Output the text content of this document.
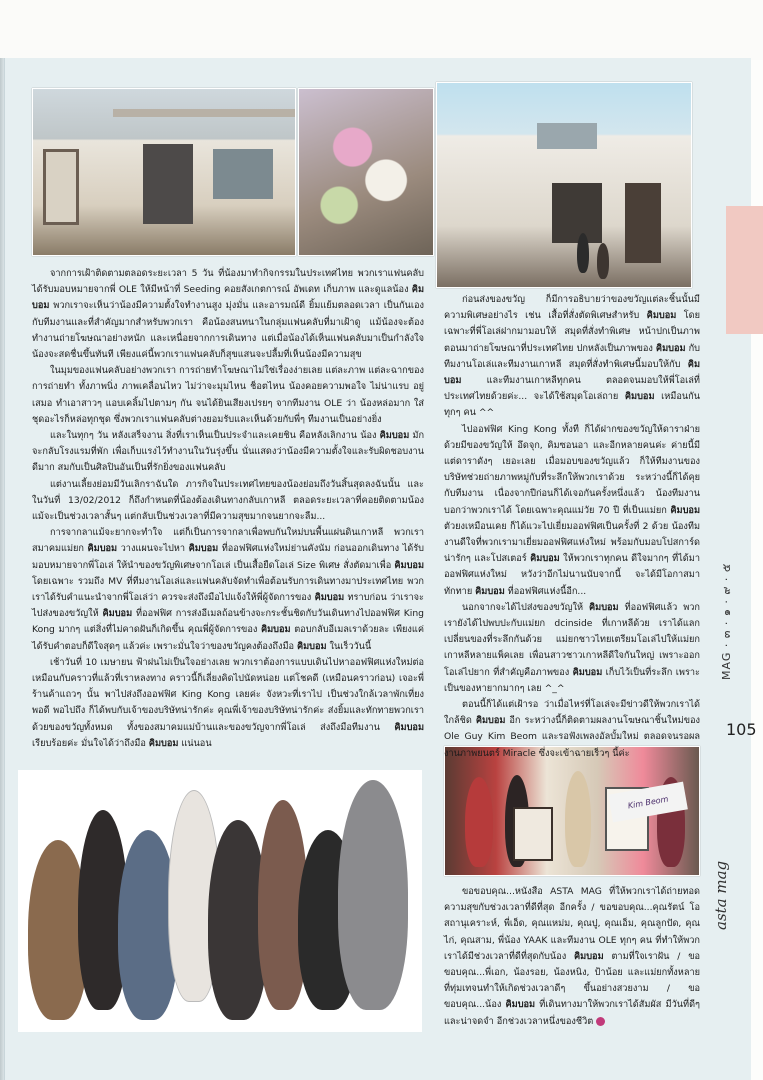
Kim Beom
MAG · ๓ · ๑ · ๙ · ๕
105
asta mag

จากการเฝ้าติดตามตลอดระยะเวลา 5 วัน ที่น้องมาทำกิจกรรมในประเทศไทย พวกเราแฟนคลับได้รับมอบหมายจากพี่ OLE ให้มีหน้าที่ Seeding คอยสังเกตการณ์ อัพเดท เก็บภาพ และดูแลน้อง คิมบอม พวกเราจะเห็นว่าน้องมีความตั้งใจทำงานสูง มุ่งมั่น และอารมณ์ดี ยิ้มแย้มตลอดเวลา เป็นกันเองกับทีมงานและที่สำคัญมากสำหรับพวกเรา คือน้องสนทนาในกลุ่มแฟนคลับที่มาเฝ้าดู แม้น้องจะต้องทำงานถ่ายโฆษณาอย่างหนัก และเหนื่อยจากการเดินทาง แต่เมื่อน้องได้เห็นแฟนคลับมาเป็นกำลังใจ น้องจะสดชื่นขึ้นทันที เพียงแค่นี้พวกเราแฟนคลับก็สุขแสนจะปลื้มที่เห็นน้องมีความสุข

ในมุมของแฟนคลับอย่างพวกเรา การถ่ายทำโฆษณาไม่ใช่เรื่องง่ายเลย แต่ละภาพ แต่ละฉากของการถ่ายทำ ทั้งภาพนิ่ง ภาพเคลื่อนไหว ไม่ว่าจะมุมไหน ช็อตไหน น้องคอยความพอใจ ไม่น่าแรบ อยู่เสมอ ทำเอาสาวๆ แอบเคลิ้มไปตามๆ กัน จนได้ยินเสียงเปรยๆ จากทีมงาน OLE ว่า น้องหล่อมาก ใส่ชุดอะไรก็หล่อทุกชุด ซึ่งพวกเราแฟนคลับต่างยอมรับและเห็นด้วยกับพี่ๆ ทีมงานเป็นอย่างยิ่ง

และในทุกๆ วัน หลังเสร็จงาน สิ่งที่เราเห็นเป็นประจำและเคยชิน คือหลังเลิกงาน น้อง คิมบอม มักจะกลับโรงแรมที่พัก เพื่อเก็บแรงไว้ทำงานในวันรุ่งขึ้น นั่นแสดงว่าน้องมีความตั้งใจและรับผิดชอบงานดีมาก สมกับเป็นศิลปินอันเป็นที่รักยิ่งของแฟนคลับ

แต่งานเลี้ยงย่อมมีวันเลิกราฉันใด ภารกิจในประเทศไทยของน้องย่อมถึงวันสิ้นสุดลงฉันนั้น และในวันที่ 13/02/2012 ก็ถึงกำหนดที่น้องต้องเดินทางกลับเกาหลี ตลอดระยะเวลาที่คอยติดตามน้อง แม้จะเป็นช่วงเวลาสั้นๆ แต่กลับเป็นช่วงเวลาที่มีความสุขมากจนยากจะลืม...

การจากลาแม้จะยากจะทำใจ แต่ก็เป็นการจากลาเพื่อพบกันใหม่บนพื้นแผ่นดินเกาหลี พวกเราสมาคมแม่ยก คิมบอม วางแผนจะไปหา คิมบอม ที่ออฟฟิศแห่งใหม่ย่านคังนัม ก่อนออกเดินทาง ได้รับมอบหมายจากพี่โอเล่ ให้นำของขวัญพิเศษจากโอเล่ เป็นเสื้อยืดโอเล่ Size พิเศษ สั่งตัดมาเพื่อ คิมบอม โดยเฉพาะ รวมถึง MV ที่ทีมงานโอเล่และแฟนคลับจัดทำเพื่อต้อนรับการเดินทางมาประเทศไทย พวกเราได้รับคำแนะนำจากพี่โอเล่ว่า ควรจะส่งถึงมือไปแจ้งให้พี่ผู้จัดการของ คิมบอม ทราบก่อน ว่าเราจะไปส่งของขวัญให้ คิมบอม ที่ออฟฟิศ การส่งอีเมลถ้อนข้างจะกระชั้นชิดกับวันเดินทางไปออฟฟิศ King Kong มากๆ แต่สิ่งที่ไม่คาดฝันก็เกิดขึ้น คุณพี่ผู้จัดการของ คิมบอม ตอบกลับอีเมลเราด้วยละ เพียงแค่ได้รับคำตอบก็ดีใจสุดๆ แล้วค่ะ เพราะมั่นใจว่าของขวัญคงต้องถึงมือ คิมบอม ในเร็ววันนี้

เช้าวันที่ 10 เมษายน ฟ้าฝนไม่เป็นใจอย่างเลย พวกเราต้องการแบบเดินไปหาออฟฟิศแห่งใหม่ต่อเหมือนกับคราวที่แล้วที่เราหลงทาง คราวนี้ก็เลี่ยงคิดไปนัดหน่อย แต่โชคดี (เหมือนคราวก่อน) เจอะพี่ร้านค้าแถวๆ นั้น พาไปส่งถึงออฟฟิศ King Kong เลยค่ะ จังหวะที่เราไป เป็นช่วงใกล้เวลาพักเที่ยงพอดี พอไปถึง ก็ได้พบกับเจ้าของบริษัทน่ารักค่ะ คุณพี่เจ้าของบริษัทน่ารักค่ะ ส่งยิ้มและทักทายพวกเราด้วยของขวัญทั้งหมด ทั้งของสมาคมแม่บ้านและของขวัญจากพี่โอเล่ ส่งถึงมือทีมงาน คิมบอม เรียบร้อยค่ะ มั่นใจได้ว่าถึงมือ คิมบอม แน่นอน

ก่อนส่งของขวัญ ก็มีการอธิบายว่าของขวัญแต่ละชิ้นนั้นมีความพิเศษอย่างไร เช่น เสื้อที่สั่งตัดพิเศษสำหรับ คิมบอม โดยเฉพาะที่พี่โอเล่ฝากมามอบให้ สมุดที่สั่งทำพิเศษ หน้าปกเป็นภาพตอนมาถ่ายโฆษณาที่ประเทศไทย ปกหลังเป็นภาพของ คิมบอม กับทีมงานโอเล่และทีมงานเกาหลี สมุดที่สั่งทำพิเศษนี้มอบให้กับ คิมบอม และทีมงานเกาหลีทุกคน ตลอดจนมอบให้พี่โอเล่ที่ประเทศไทยด้วยค่ะ... จะได้ใช้สมุดโอเล่ถาย คิมบอม เหมือนกันทุกๆ คน ^^

ไปออฟฟิศ King Kong ทั้งที ก็ได้ฝากของขวัญให้ดาราฝ่ายด้วยมีของขวัญให้ อึดจุก, คิมซอนอา และอีกหลายคนค่ะ ค่ายนี้มีแต่ดาราดังๆ เยอะเลย เมื่อมอบของขวัญแล้ว ก็ให้ทีมงานของบริษัทช่วยถ่ายภาพหมู่กับที่ระลึกให้พวกเราด้วย ระหว่างนี้ก็ได้คุยกับทีมงาน เนื่องจากปีก่อนก็ได้เจอกันครั้งหนึ่งแล้ว น้องทีมงานบอกว่าพวกเราได้ โดยเฉพาะคุณแม่วัย 70 ปี ที่เป็นแม่ยก คิมบอม ตัวยงเหมือนเคย ก็ได้แวะไปเยี่ยมออฟฟิศเป็นครั้งที่ 2 ด้วย น้องทีมงานดีใจที่พวกเรามาเยี่ยมออฟฟิศแห่งใหม่ พร้อมกับมอบโปสการ์ดน่ารักๆ และโปสเตอร์ คิมบอม ให้พวกเราทุกคน ดีใจมากๆ ที่ได้มาออฟฟิศแห่งใหม่ หวังว่าอีกไม่นานนับจากนี้ จะได้มีโอกาสมาทักทาย คิมบอม ที่ออฟฟิศแห่งนี้อีก...

นอกจากจะได้ไปส่งของขวัญให้ คิมบอม ที่ออฟฟิศแล้ว พวกเรายังได้ไปพบปะกับแม่ยก dcinside ที่เกาหลีด้วย เราได้แลกเปลี่ยนของที่ระลึกกันด้วย แม่ยกชาวไทยเตรียมโอเล่ไปให้แม่ยกเกาหลีหลายแพ็คเลย เพื่อนสาวชาวเกาหลีดีใจกันใหญ่ เพราะออกโอเล่ไปยาก ที่สำคัญคือภาพของ คิมบอม เก็บไว้เป็นที่ระลึก เพราะเป็นของหายากมากๆ เลย ^_^

ตอนนี้ก็ได้แต่เฝ้ารอ ว่าเมื่อไหร่ที่โอเล่จะมีข่าวดีให้พวกเราได้ใกล้ชิด คิมบอม อีก ระหว่างนี้ก็ติดตามผลงานโฆษณาชิ้นใหม่ของ Ole Guy Kim Beom และรอฟังเพลงอัลบั้มใหม่ ตลอดจนรอผลงานภาพยนตร์ Miracle ซึ่งจะเข้าฉายเร็วๆ นี้ค่ะ

ขอขอบคุณ...หนังสือ ASTA MAG ที่ให้พวกเราได้ถ่ายทอดความสุขกับช่วงเวลาที่ดีที่สุด อีกครั้ง / ขอขอบคุณ...คุณรัตน์ โอสถานุเคราะห์, พี่เอ็ด, คุณแหม่ม, คุณปู, คุณเอ็ม, คุณลูกปัด, คุณไก่, คุณสาม, พี่น้อง YAAK และทีมงาน OLE ทุกๆ คน ที่ทำให้พวกเราได้มีช่วงเวลาที่ดีที่สุดกับน้อง คิมบอม ตามที่ใจเราฝัน / ขอขอบคุณ...พี่เอก, น้องรอย, น้องหนิง, ป้าน้อย และแม่ยกทั้งหลาย ที่ทุ่มเทจนทำให้เกิดช่วงเวลาดีๆ ขึ้นอย่างสวยงาม / ขอขอบคุณ...น้อง คิมบอม ที่เดินทางมาให้พวกเราได้สัมผัส มีวันที่ดีๆ และน่าจดจำ อีกช่วงเวลาหนึ่งของชีวิต
